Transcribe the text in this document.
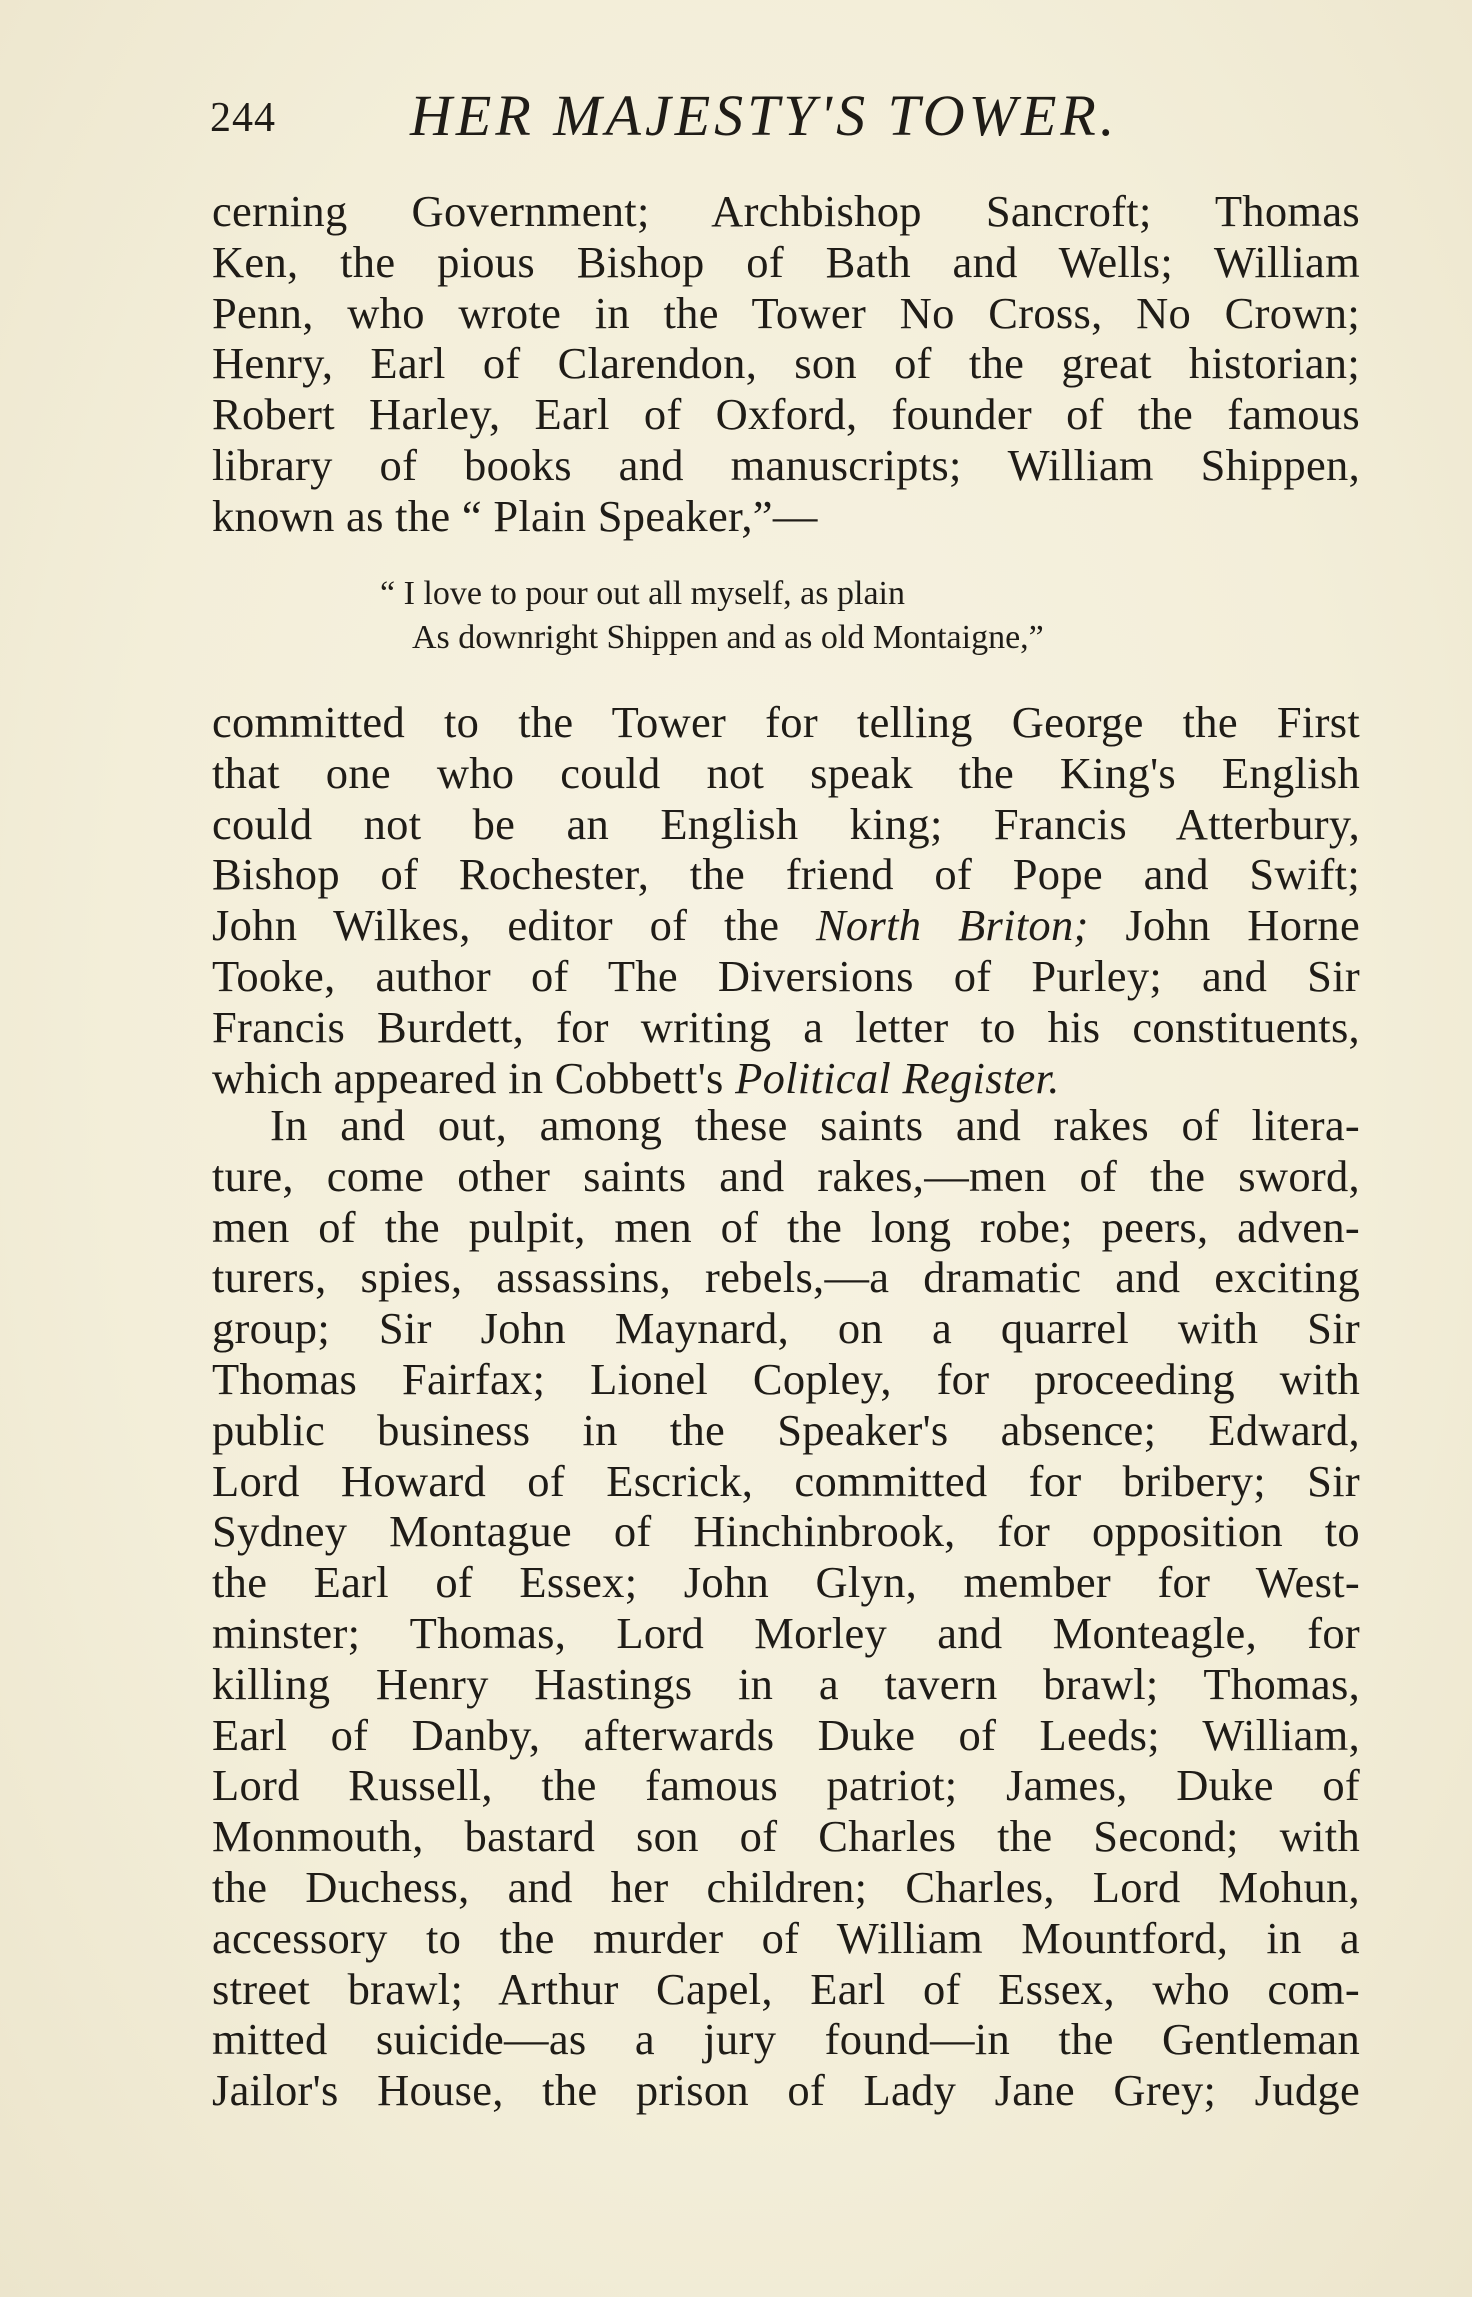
244 HER MAJESTY'S TOWER.
cerning Government; Archbishop Sancroft; Thomas
Ken, the pious Bishop of Bath and Wells; William
Penn, who wrote in the Tower No Cross, No Crown;
Henry, Earl of Clarendon, son of the great historian;
Robert Harley, Earl of Oxford, founder of the famous
library of books and manuscripts; William Shippen,
known as the “ Plain Speaker,”—
“ I love to pour out all myself, as plain
As downright Shippen and as old Montaigne,”
committed to the Tower for telling George the First
that one who could not speak the King's English
could not be an English king; Francis Atterbury,
Bishop of Rochester, the friend of Pope and Swift;
John Wilkes, editor of the North Briton; John Horne
Tooke, author of The Diversions of Purley; and Sir
Francis Burdett, for writing a letter to his constituents,
which appeared in Cobbett's Political Register.
In and out, among these saints and rakes of litera-
ture, come other saints and rakes,—men of the sword,
men of the pulpit, men of the long robe; peers, adven-
turers, spies, assassins, rebels,—a dramatic and exciting
group; Sir John Maynard, on a quarrel with Sir
Thomas Fairfax; Lionel Copley, for proceeding with
public business in the Speaker's absence; Edward,
Lord Howard of Escrick, committed for bribery; Sir
Sydney Montague of Hinchinbrook, for opposition to
the Earl of Essex; John Glyn, member for West-
minster; Thomas, Lord Morley and Monteagle, for
killing Henry Hastings in a tavern brawl; Thomas,
Earl of Danby, afterwards Duke of Leeds; William,
Lord Russell, the famous patriot; James, Duke of
Monmouth, bastard son of Charles the Second; with
the Duchess, and her children; Charles, Lord Mohun,
accessory to the murder of William Mountford, in a
street brawl; Arthur Capel, Earl of Essex, who com-
mitted suicide—as a jury found—in the Gentleman
Jailor's House, the prison of Lady Jane Grey; Judge
